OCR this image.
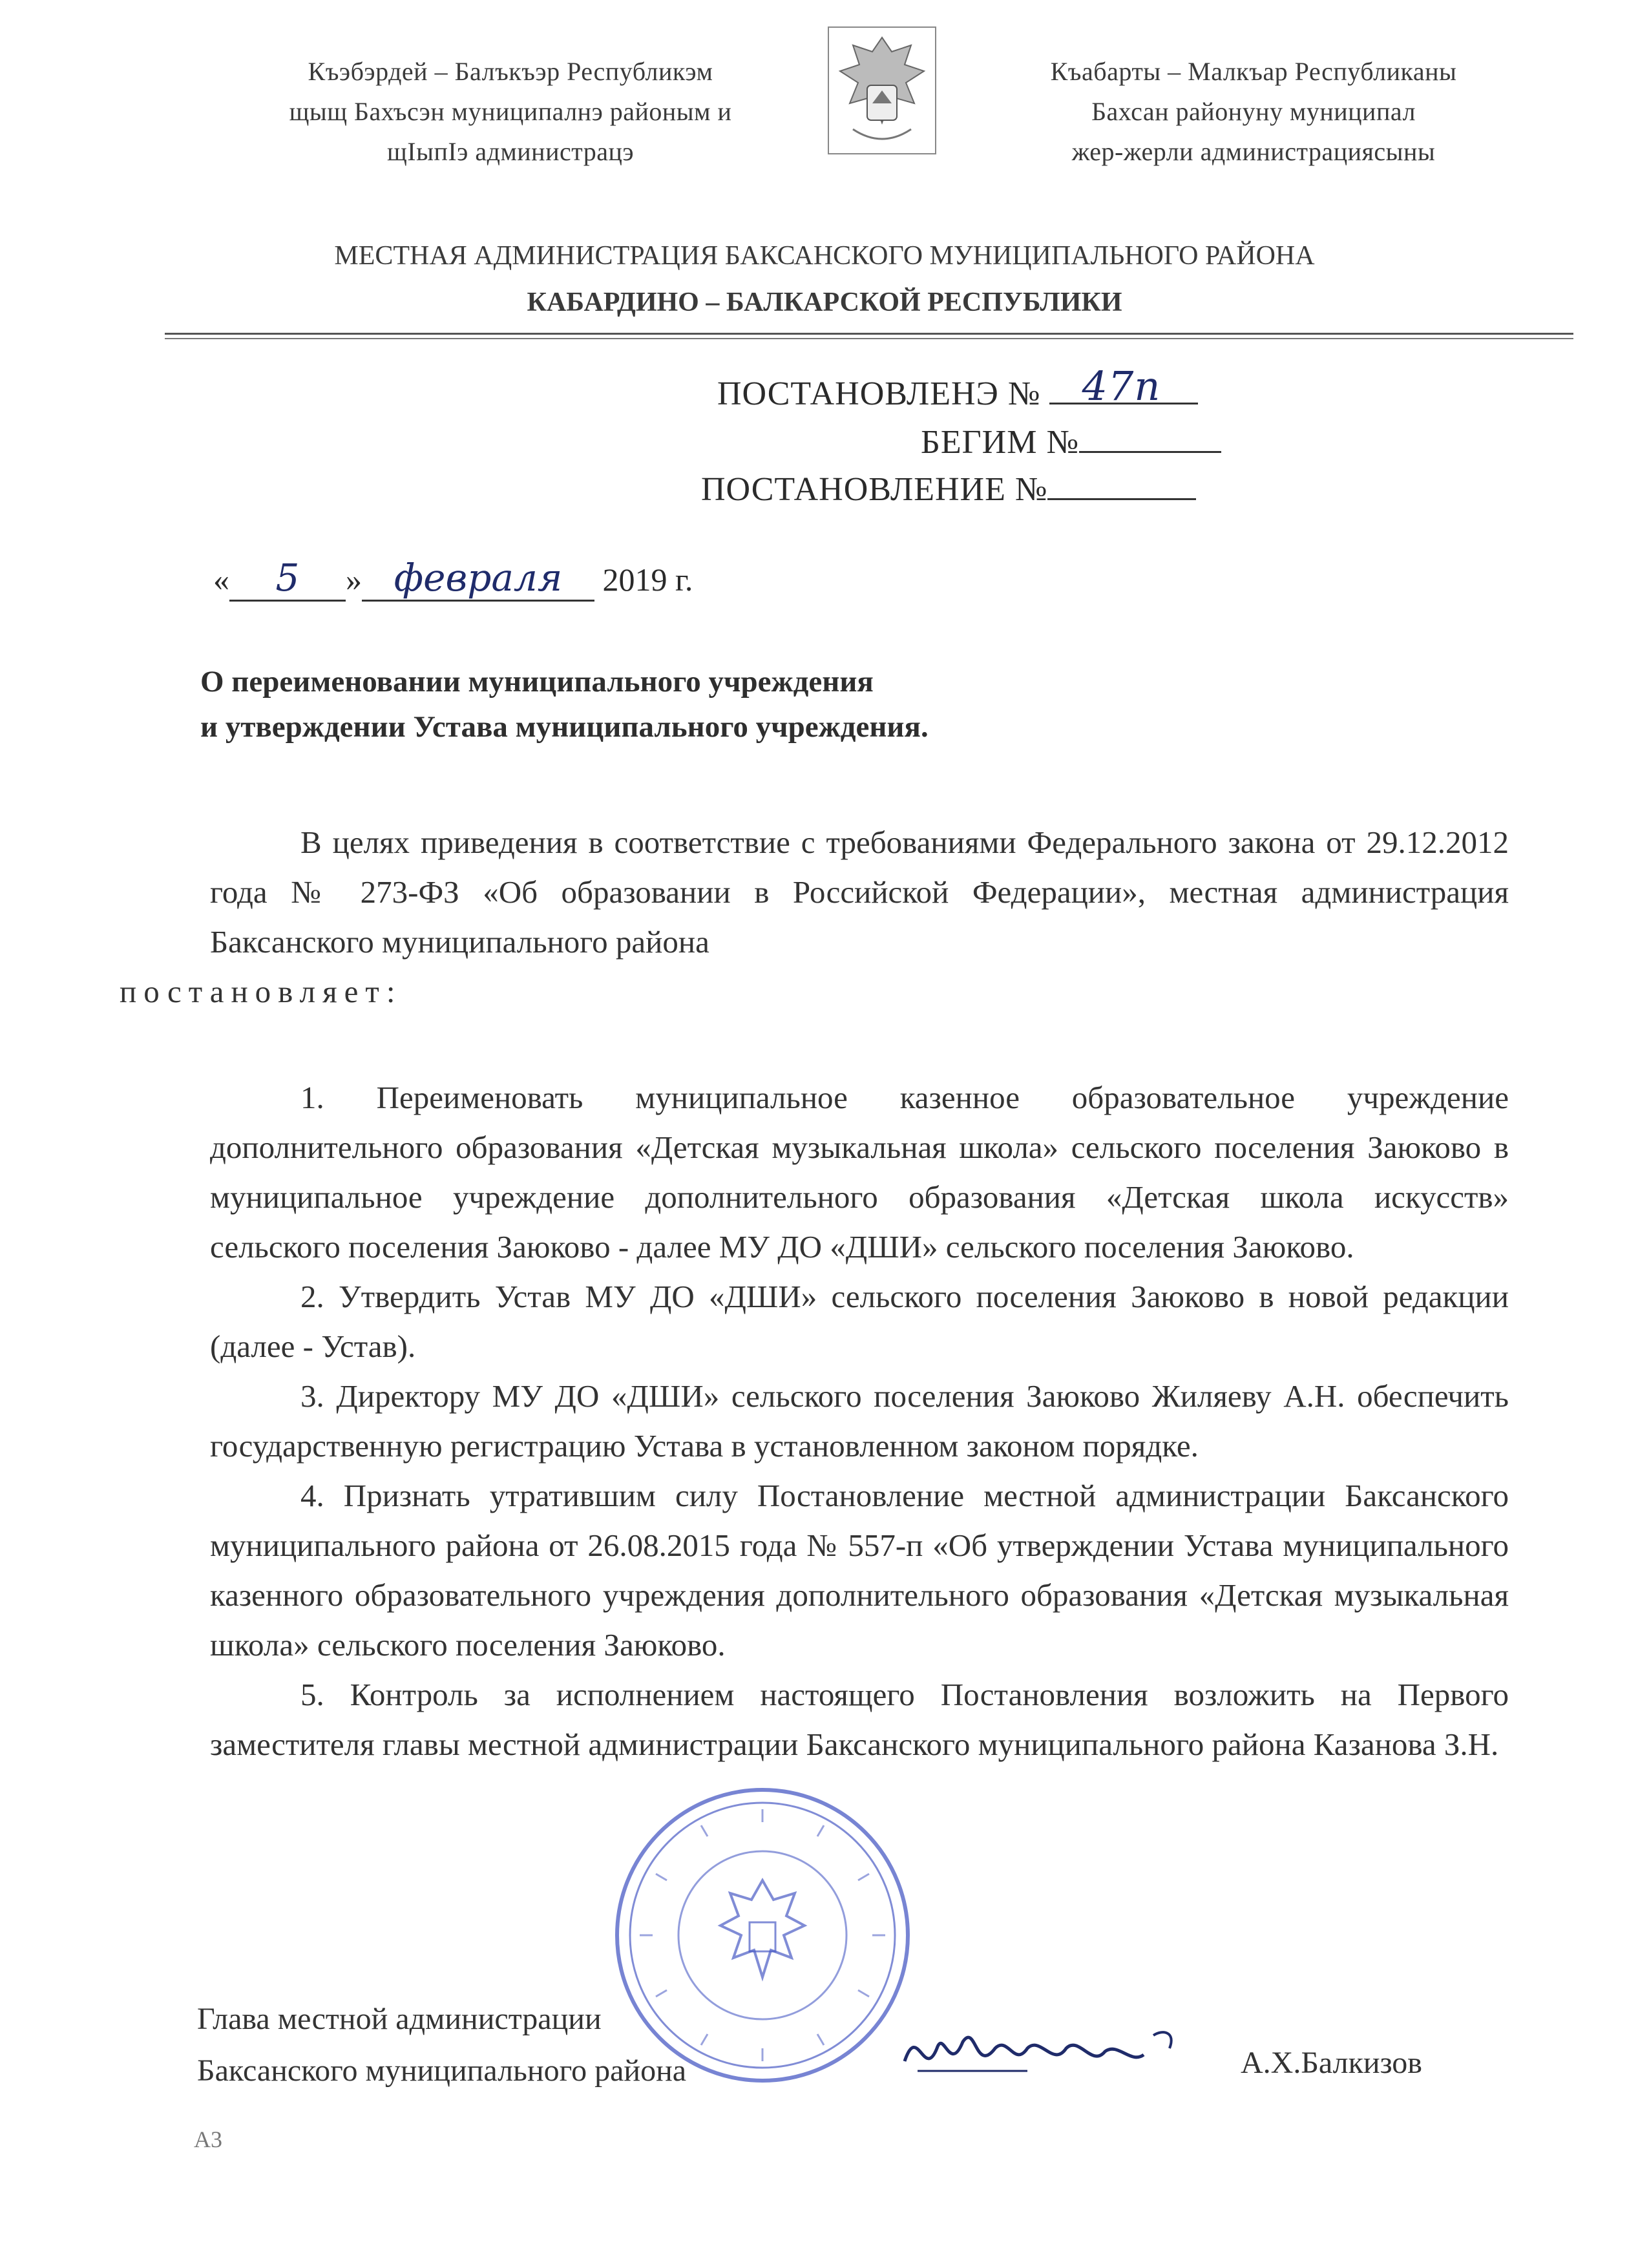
Къэбэрдей – Балъкъэр Республикэм
щыщ Бахъсэн муниципалнэ районым и
щIыпIэ администрацэ
Къабарты – Малкъар Республиканы
Бахсан районуну муниципал
жер-жерли администрациясыны
МЕСТНАЯ АДМИНИСТРАЦИЯ БАКСАНСКОГО МУНИЦИПАЛЬНОГО РАЙОНА
КАБАРДИНО – БАЛКАРСКОЙ РЕСПУБЛИКИ
ПОСТАНОВЛЕНЭ № 47п
БЕГИМ №
ПОСТАНОВЛЕНИЕ №
« 5 » февраля 2019 г.
О переименовании муниципального учреждения
и утверждении Устава муниципального учреждения.

В целях приведения в соответствие с требованиями Федерального закона от 29.12.2012 года № 273-ФЗ «Об образовании в Российской Федерации», местная администрация Баксанского муниципального района
постановляет:

1. Переименовать муниципальное казенное образовательное учреждение дополнительного образования «Детская музыкальная школа» сельского поселения Заюково в муниципальное учреждение дополнительного образования «Детская школа искусств» сельского поселения Заюково - далее МУ ДО «ДШИ» сельского поселения Заюково.

2. Утвердить Устав МУ ДО «ДШИ» сельского поселения Заюково в новой редакции (далее - Устав).

3. Директору МУ ДО «ДШИ» сельского поселения Заюково Жиляеву А.Н. обеспечить государственную регистрацию Устава в установленном законом порядке.

4. Признать утратившим силу Постановление местной администрации Баксанского муниципального района от 26.08.2015 года № 557-п «Об утверждении Устава муниципального казенного образовательного учреждения дополнительного образования «Детская музыкальная школа» сельского поселения Заюково.

5. Контроль за исполнением настоящего Постановления возложить на Первого заместителя главы местной администрации Баксанского муниципального района Казанова З.Н.

Глава местной администрации
Баксанского муниципального района	А.Х.Балкизов
А3
